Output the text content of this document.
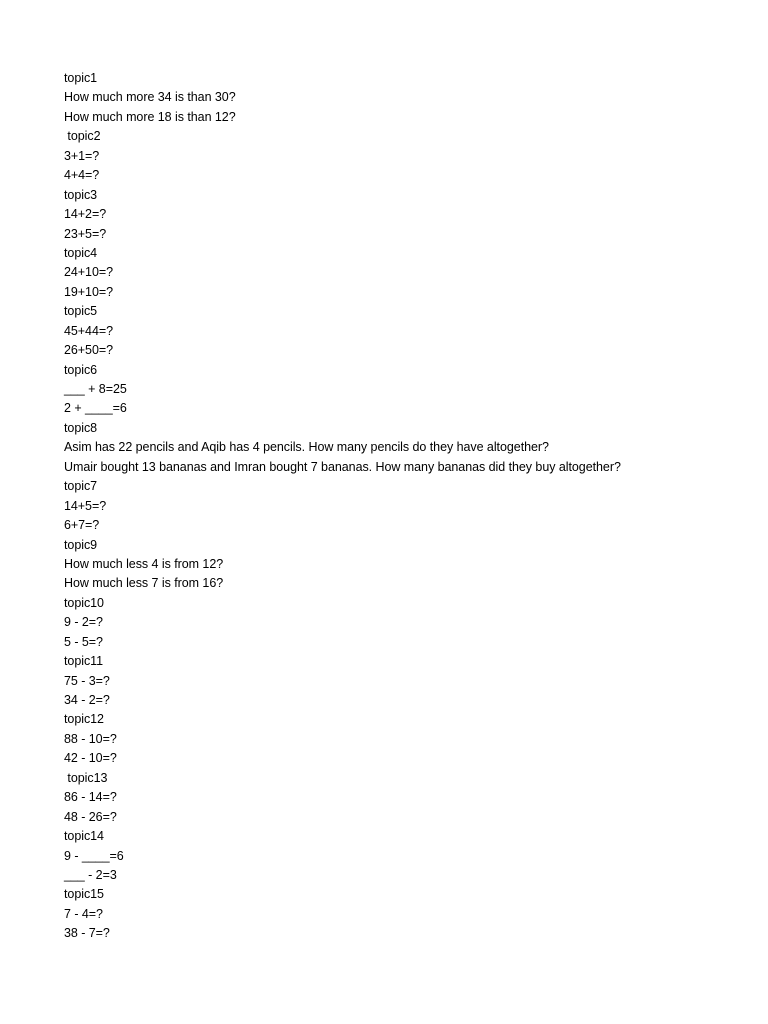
topic1
How much more 34 is than 30?
How much more 18 is than 12?
topic2
3+1=?
4+4=?
topic3
14+2=?
23+5=?
topic4
24+10=?
19+10=?
topic5
45+44=?
26+50=?
topic6
___ + 8=25
2 + ____=6
topic8
Asim has 22 pencils and Aqib has 4 pencils. How many pencils do they have altogether?
Umair bought 13 bananas and Imran bought 7 bananas. How many bananas did they buy altogether?
topic7
14+5=?
6+7=?
topic9
How much less 4 is from 12?
How much less 7 is from 16?
topic10
9 - 2=?
5 - 5=?
topic11
75 - 3=?
34 - 2=?
topic12
88 - 10=?
42 - 10=?
topic13
86 - 14=?
48 - 26=?
topic14
9 - ____=6
___ - 2=3
topic15
7 - 4=?
38 - 7=?
